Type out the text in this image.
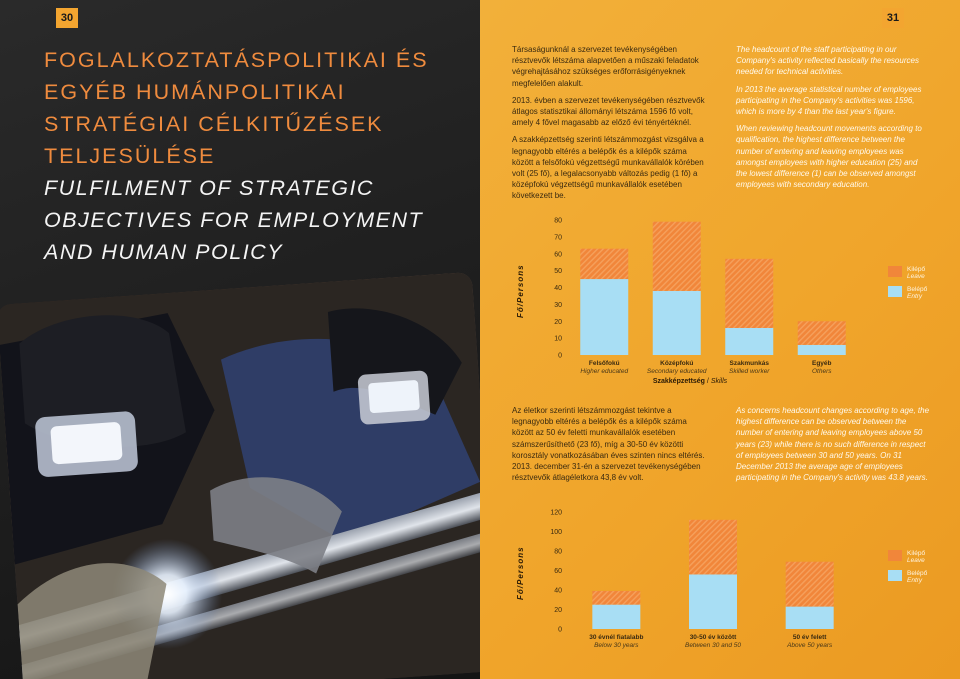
30
FOGLALKOZTATÁSPOLITIKAI ÉS EGYÉB HUMÁNPOLITIKAI STRATÉGIAI CÉLKITŰZÉSEK TELJESÜLÉSE
FULFILMENT OF STRATEGIC OBJECTIVES FOR EMPLOYMENT AND HUMAN POLICY
31

Társaságunknál a szervezet tevékenységében résztvevők létszáma alapvetően a műszaki feladatok végrehajtásához szükséges erőforrásigényeknek megfelelően alakult.

2013. évben a szervezet tevékenységében résztvevők átlagos statisztikai állományi létszáma 1596 fő volt, amely 4 fővel magasabb az előző évi tényértéknél.

A szakképzettség szerinti létszámmozgást vizsgálva a legnagyobb eltérés a belépők és a kilépők száma között a felsőfokú végzettségű munkavállalók körében volt (25 fő), a legalacsonyabb változás pedig (1 fő) a középfokú végzettségű munkavállalók esetében következett be.

The headcount of the staff participating in our Company's activity reflected basically the resources needed for technical activities.

In 2013 the average statistical number of employees participating in the Company's activities was 1596, which is more by 4 than the last year's figure.

When reviewing headcount movements according to qualification, the highest difference between the number of entering and leaving employees was amongst employees with higher education (25) and the lowest difference (1) can be observed amongst employees with secondary education.

Fő/Persons
0
10
20
30
40
50
60
70
80
Felsőfokú
Higher educated
Középfokú
Secondary educated
Szakmunkás
Skilled worker
Egyéb
Others
Szakképzettség / Skills
Kilépő
Leave
Belépő
Entry

Az életkor szerinti létszámmozgást tekintve a legnagyobb eltérés a belépők és a kilépők száma között az 50 év feletti munkavállalók esetében számszerűsíthető (23 fő), míg a 30-50 év közötti korosztály vonatkozásában éves szinten nincs eltérés. 2013. december 31-én a szervezet tevékenységében résztvevők átlagéletkora 43,8 év volt.

As concerns headcount changes according to age, the highest difference can be observed between the number of entering and leaving employees above 50 years (23) while there is no such difference in respect of employees between 30 and 50 years. On 31 December 2013 the average age of employees participating in the Company's activity was 43.8 years.

Fő/Persons
0
20
40
60
80
100
120
30 évnél fiatalabb
Below 30 years
30-50 év között
Between 30 and 50
50 év felett
Above 50 years
Kilépő
Leave
Belépő
Entry
